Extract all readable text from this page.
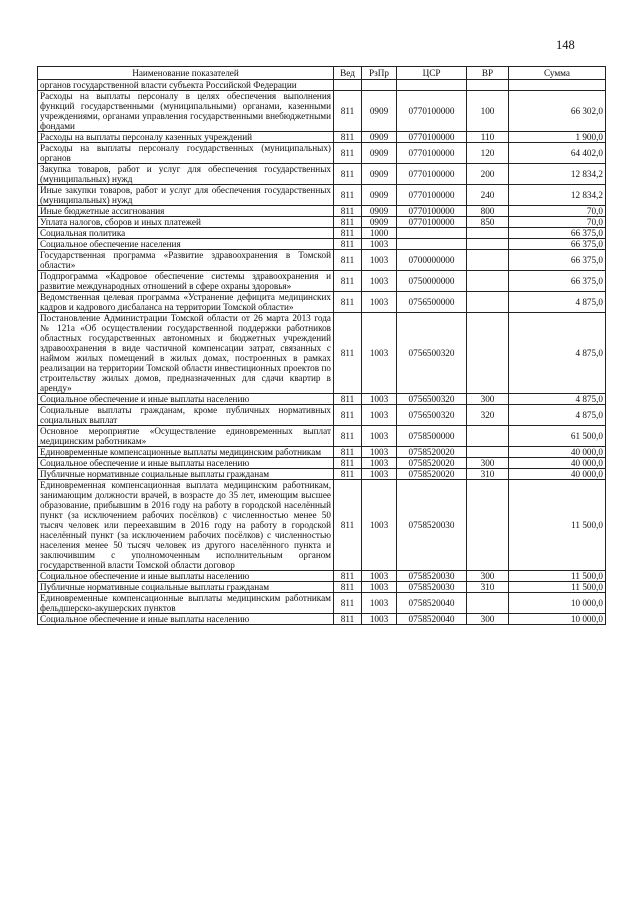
148
Наименование показателей	Вед	РзПр	ЦСР	ВР	Сумма
органов государственной власти субъекта Российской Федерации					
Расходы на выплаты персоналу в целях обеспечения выполнения функций государственными (муниципальными) органами, казенными учреждениями, органами управления государственными внебюджетными фондами	811	0909	0770100000	100	66 302,0
Расходы на выплаты персоналу казенных учреждений	811	0909	0770100000	110	1 900,0
Расходы на выплаты персоналу государственных (муниципальных) органов	811	0909	0770100000	120	64 402,0
Закупка товаров, работ и услуг для обеспечения государственных (муниципальных) нужд	811	0909	0770100000	200	12 834,2
Иные закупки товаров, работ и услуг для обеспечения государственных (муниципальных) нужд	811	0909	0770100000	240	12 834,2
Иные бюджетные ассигнования	811	0909	0770100000	800	70,0
Уплата налогов, сборов и иных платежей	811	0909	0770100000	850	70,0
Социальная политика	811	1000			66 375,0
Социальное обеспечение населения	811	1003			66 375,0
Государственная программа «Развитие здравоохранения в Томской области»	811	1003	0700000000		66 375,0
Подпрограмма «Кадровое обеспечение системы здравоохранения и развитие международных отношений в сфере охраны здоровья»	811	1003	0750000000		66 375,0
Ведомственная целевая программа «Устранение дефицита медицинских кадров и кадрового дисбаланса на территории Томской области»	811	1003	0756500000		4 875,0
Постановление Администрации Томской области от 26 марта 2013 года № 121а «Об осуществлении государственной поддержки работников областных государственных автономных и бюджетных учреждений здравоохранения в виде частичной компенсации затрат, связанных с наймом жилых помещений в жилых домах, построенных в рамках реализации на территории Томской области инвестиционных проектов по строительству жилых домов, предназначенных для сдачи квартир в аренду»	811	1003	0756500320		4 875,0
Социальное обеспечение и иные выплаты населению	811	1003	0756500320	300	4 875,0
Социальные выплаты гражданам, кроме публичных нормативных социальных выплат	811	1003	0756500320	320	4 875,0
Основное мероприятие «Осуществление единовременных выплат медицинским работникам»	811	1003	0758500000		61 500,0
Единовременные компенсационные выплаты медицинским работникам	811	1003	0758520020		40 000,0
Социальное обеспечение и иные выплаты населению	811	1003	0758520020	300	40 000,0
Публичные нормативные социальные выплаты гражданам	811	1003	0758520020	310	40 000,0
Единовременная компенсационная выплата медицинским работникам, занимающим должности врачей, в возрасте до 35 лет, имеющим высшее образование, прибывшим в 2016 году на работу в городской населённый пункт (за исключением рабочих посёлков) с численностью менее 50 тысяч человек или переехавшим в 2016 году на работу в городской населённый пункт (за исключением рабочих посёлков) с численностью населения менее 50 тысяч человек из другого населённого пункта и заключившим с уполномоченным исполнительным органом государственной власти Томской области договор	811	1003	0758520030		11 500,0
Социальное обеспечение и иные выплаты населению	811	1003	0758520030	300	11 500,0
Публичные нормативные социальные выплаты гражданам	811	1003	0758520030	310	11 500,0
Единовременные компенсационные выплаты медицинским работникам фельдшерско-акушерских пунктов	811	1003	0758520040		10 000,0
Социальное обеспечение и иные выплаты населению	811	1003	0758520040	300	10 000,0
